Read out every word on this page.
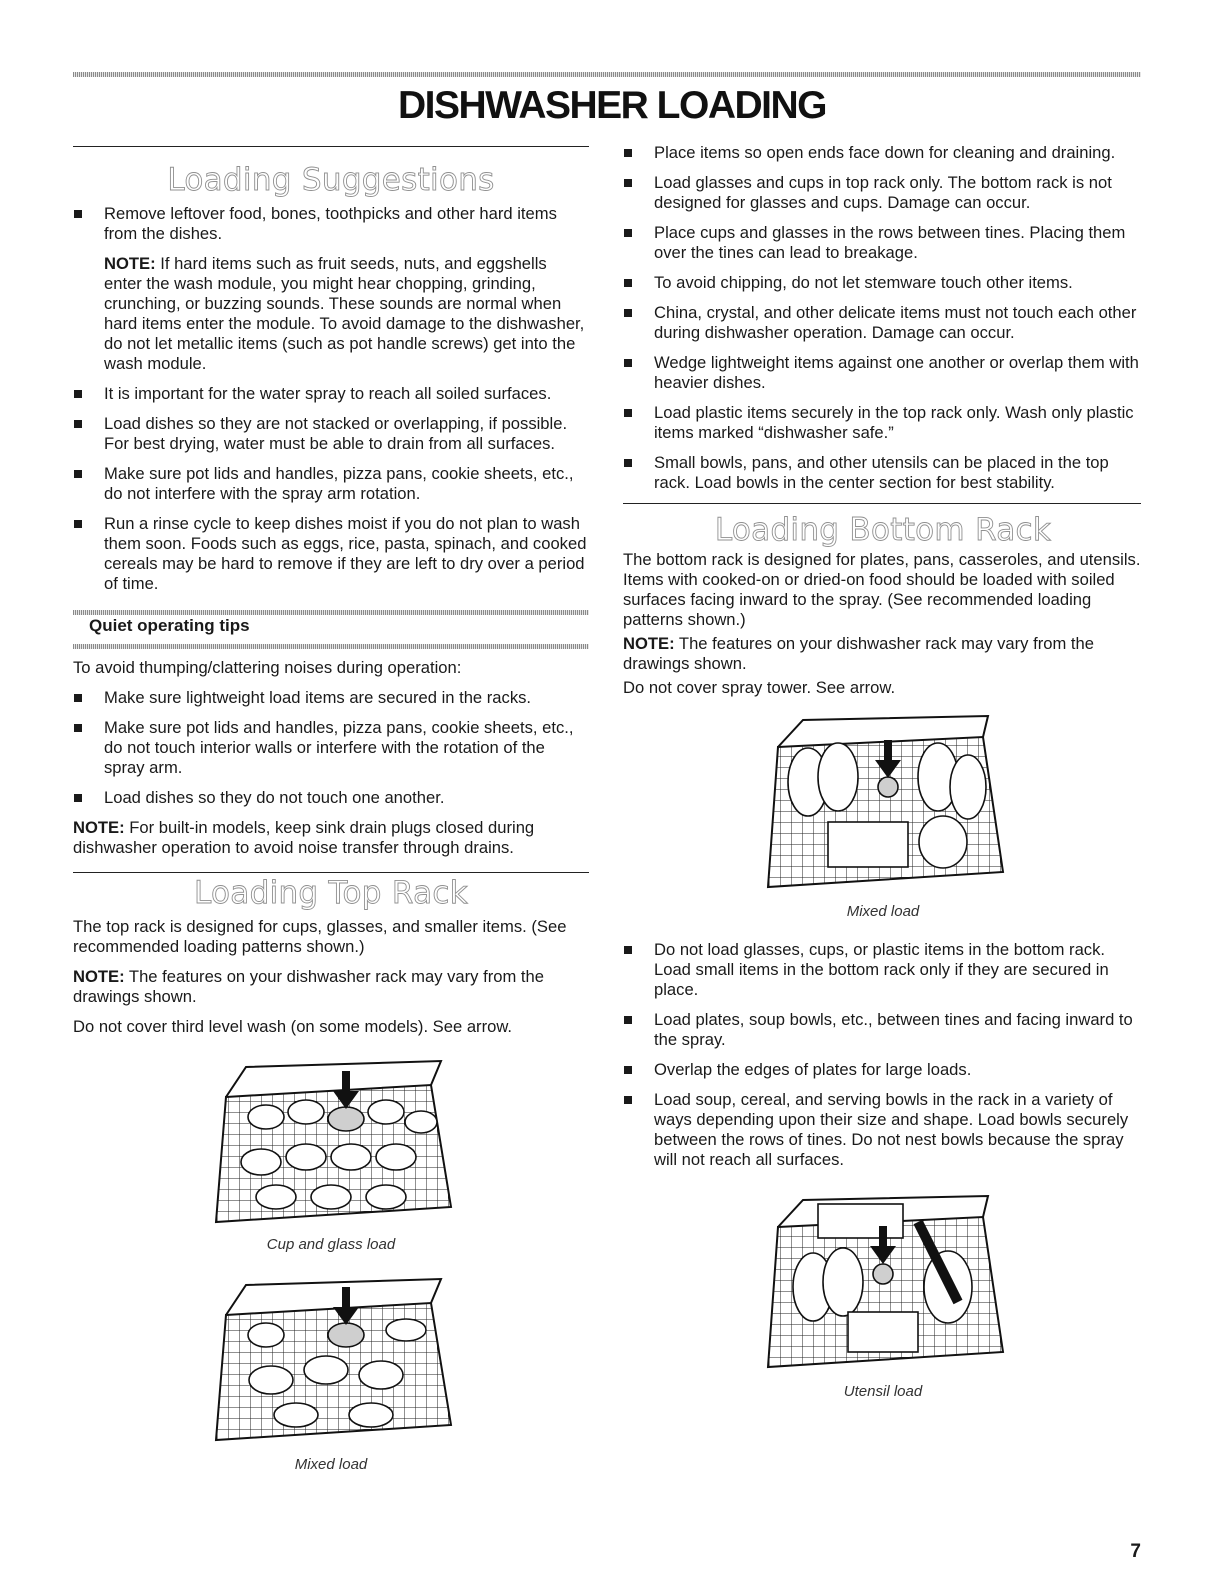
DISHWASHER LOADING
Loading Suggestions
Remove leftover food, bones, toothpicks and other hard items from the dishes.

NOTE: If hard items such as fruit seeds, nuts, and eggshells enter the wash module, you might hear chopping, grinding, crunching, or buzzing sounds. These sounds are normal when hard items enter the module. To avoid damage to the dishwasher, do not let metallic items (such as pot handle screws) get into the wash module.

It is important for the water spray to reach all soiled surfaces.
Load dishes so they are not stacked or overlapping, if possible. For best drying, water must be able to drain from all surfaces.
Make sure pot lids and handles, pizza pans, cookie sheets, etc., do not interfere with the spray arm rotation.
Run a rinse cycle to keep dishes moist if you do not plan to wash them soon. Foods such as eggs, rice, pasta, spinach, and cooked cereals may be hard to remove if they are left to dry over a period of time.
Quiet operating tips

To avoid thumping/clattering noises during operation:

Make sure lightweight load items are secured in the racks.
Make sure pot lids and handles, pizza pans, cookie sheets, etc., do not touch interior walls or interfere with the rotation of the spray arm.
Load dishes so they do not touch one another.

NOTE: For built-in models, keep sink drain plugs closed during dishwasher operation to avoid noise transfer through drains.

Loading Top Rack

The top rack is designed for cups, glasses, and smaller items. (See recommended loading patterns shown.)

NOTE: The features on your dishwasher rack may vary from the drawings shown.

Do not cover third level wash (on some models). See arrow.

Cup and glass load

Mixed load

Place items so open ends face down for cleaning and draining.
Load glasses and cups in top rack only. The bottom rack is not designed for glasses and cups. Damage can occur.
Place cups and glasses in the rows between tines. Placing them over the tines can lead to breakage.
To avoid chipping, do not let stemware touch other items.
China, crystal, and other delicate items must not touch each other during dishwasher operation. Damage can occur.
Wedge lightweight items against one another or overlap them with heavier dishes.
Load plastic items securely in the top rack only. Wash only plastic items marked “dishwasher safe.”
Small bowls, pans, and other utensils can be placed in the top rack. Load bowls in the center section for best stability.
Loading Bottom Rack

The bottom rack is designed for plates, pans, casseroles, and utensils. Items with cooked-on or dried-on food should be loaded with soiled surfaces facing inward to the spray. (See recommended loading patterns shown.)

NOTE: The features on your dishwasher rack may vary from the drawings shown.

Do not cover spray tower. See arrow.

Mixed load

Do not load glasses, cups, or plastic items in the bottom rack. Load small items in the bottom rack only if they are secured in place.
Load plates, soup bowls, etc., between tines and facing inward to the spray.
Overlap the edges of plates for large loads.
Load soup, cereal, and serving bowls in the rack in a variety of ways depending upon their size and shape. Load bowls securely between the rows of tines. Do not nest bowls because the spray will not reach all surfaces.

Utensil load

7
